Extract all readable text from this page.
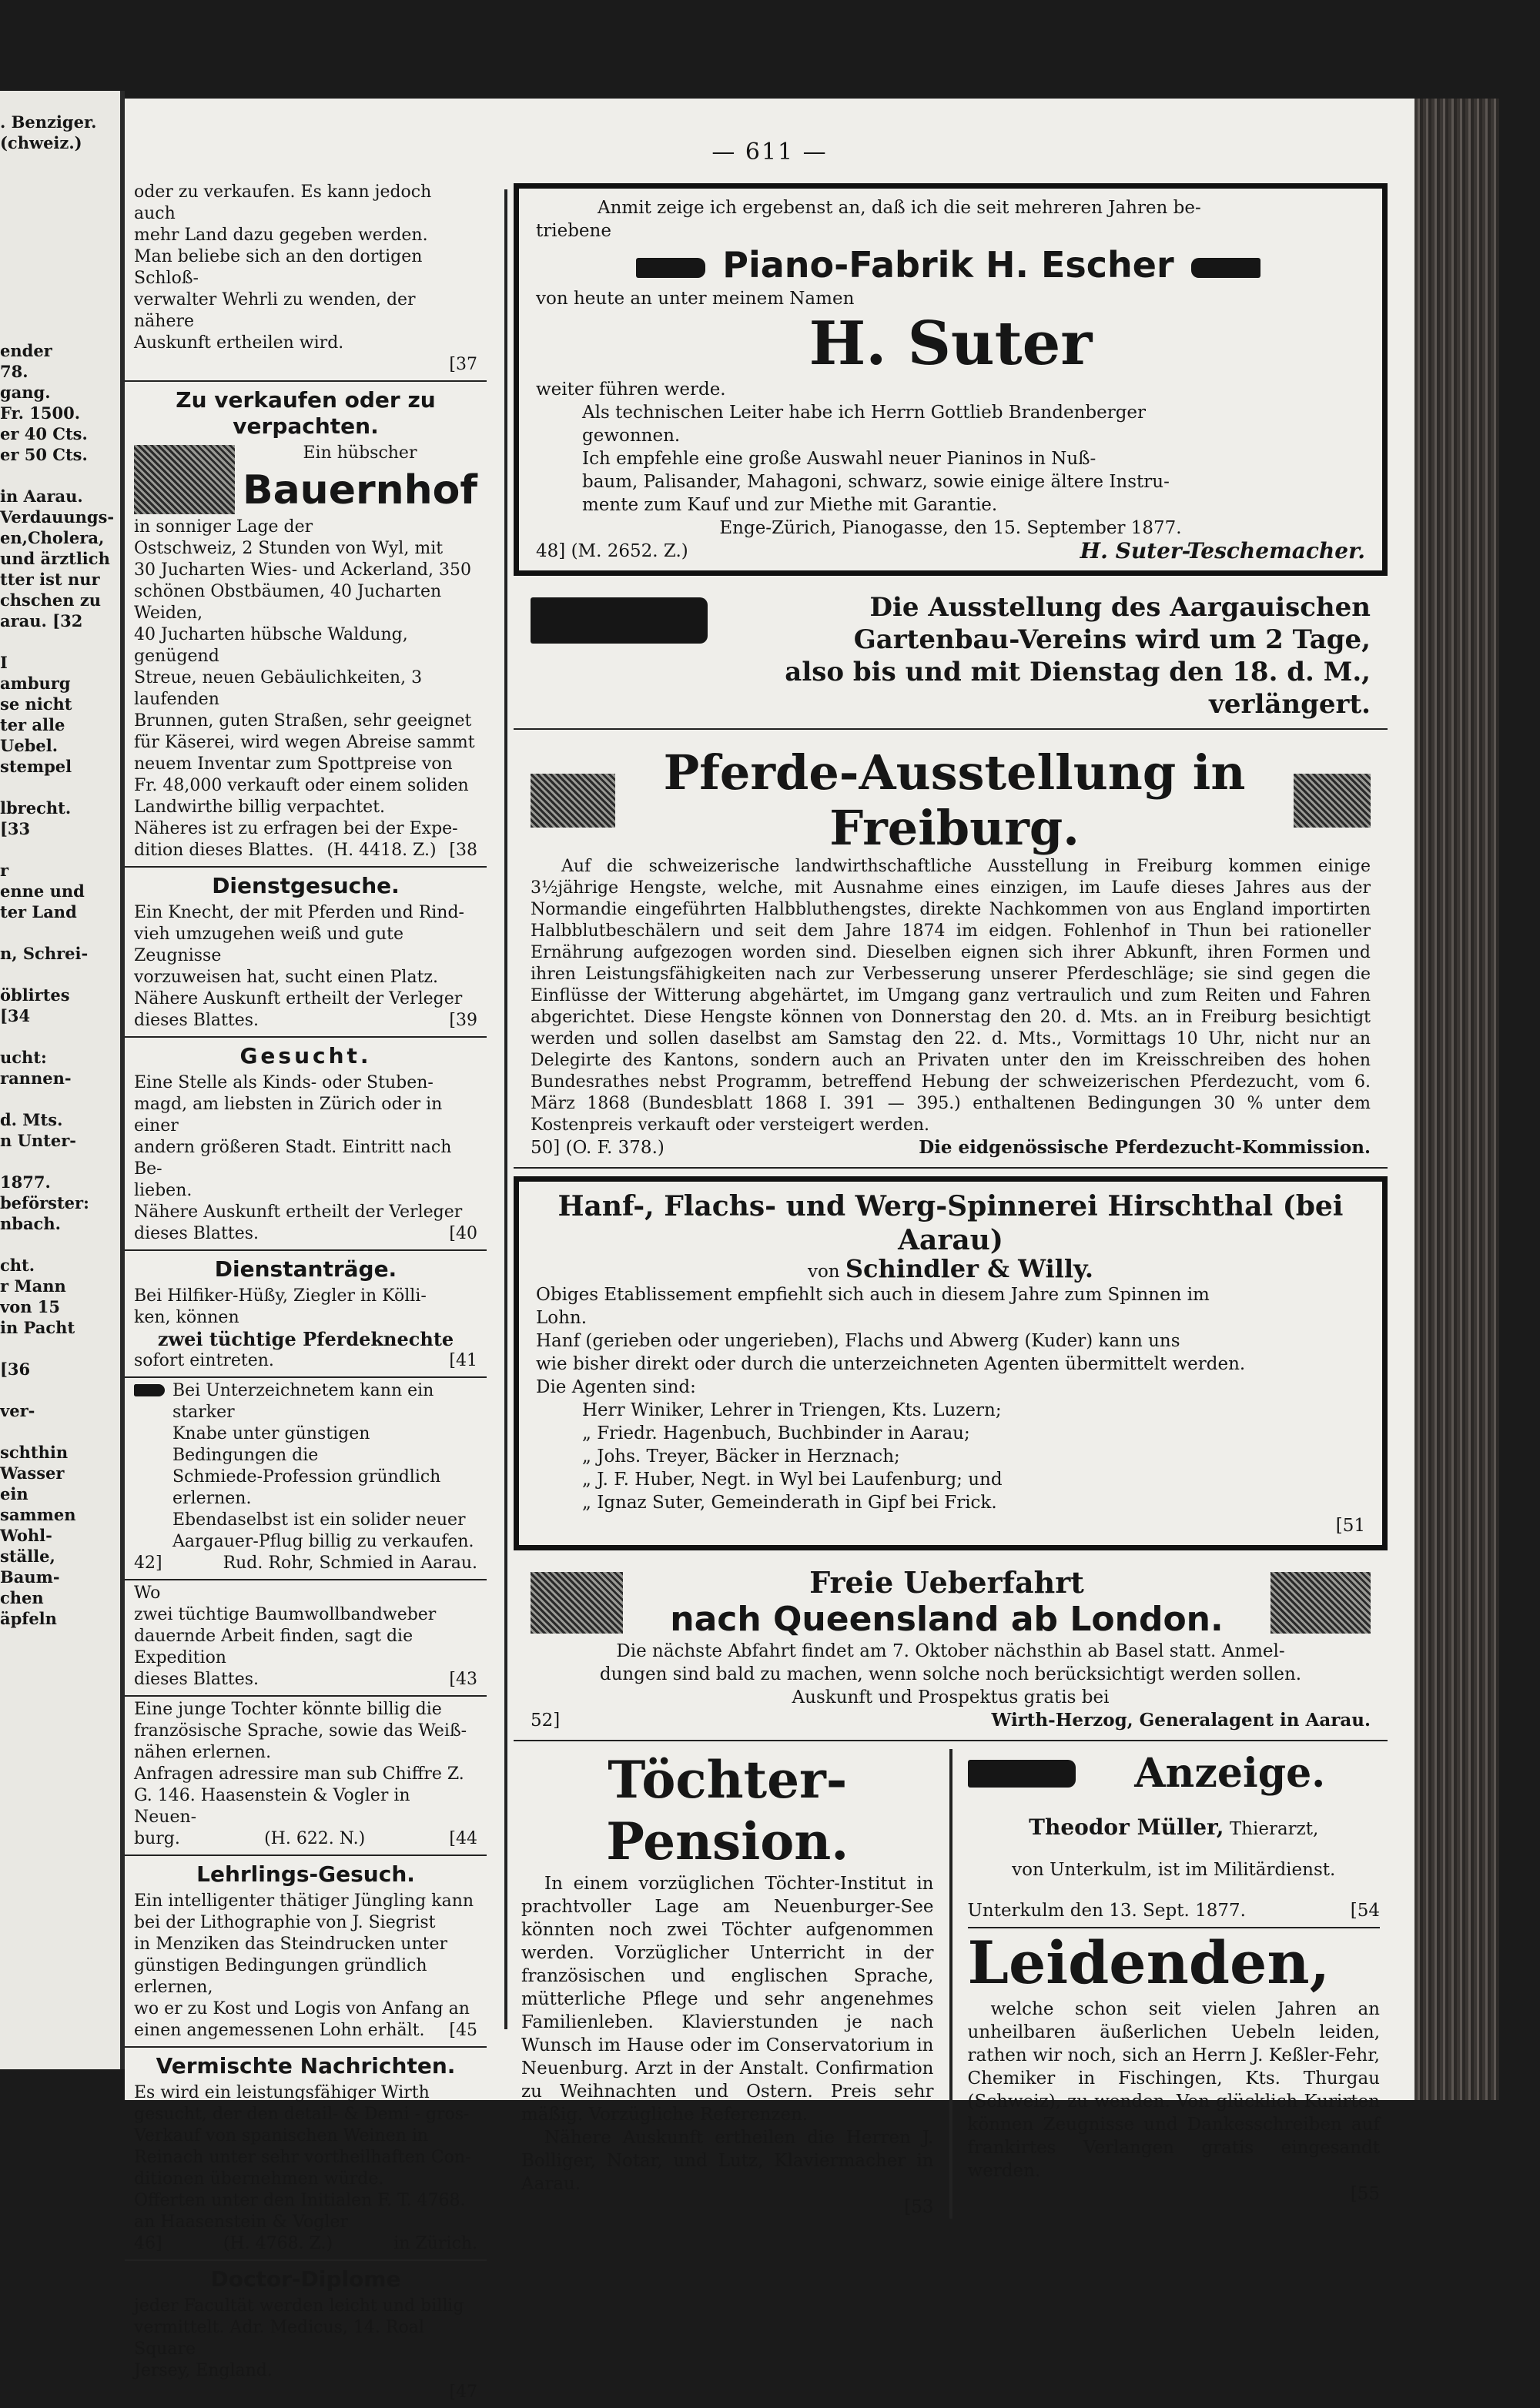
. Benziger.
(chweiz.)

ender
78.
gang.
Fr. 1500.
er 40 Cts.
er 50 Cts.

in Aarau.
Verdauungs-
en,Cholera,
und ärztlich
tter ist nur
chschen zu
arau. [32

I
amburg
se nicht
ter alle
Uebel.
stempel

lbrecht.
[33

r
enne und
ter Land

n, Schrei-

öblirtes
[34

ucht:
rannen-

d. Mts.
n Unter-

1877.
beförster:
nbach.

cht.
r Mann
von 15
in Pacht

[36

ver-

schthin
Wasser
ein
sammen
Wohl-
ställe,
Baum-
chen
äpfeln
— 611 —
oder zu verkaufen. Es kann jedoch auch
mehr Land dazu gegeben werden.
Man beliebe sich an den dortigen Schloß-
verwalter Wehrli zu wenden, der nähere
Auskunft ertheilen wird.
[37
Zu verkaufen oder zu verpachten.
Ein hübscher
Bauernhof
in sonniger Lage der
Ostschweiz, 2 Stunden von Wyl, mit
30 Jucharten Wies- und Ackerland, 350
schönen Obstbäumen, 40 Jucharten Weiden,
40 Jucharten hübsche Waldung, genügend
Streue, neuen Gebäulichkeiten, 3 laufenden
Brunnen, guten Straßen, sehr geeignet
für Käserei, wird wegen Abreise sammt
neuem Inventar zum Spottpreise von
Fr. 48,000 verkauft oder einem soliden
Landwirthe billig verpachtet.
Näheres ist zu erfragen bei der Expe-
dition dieses Blattes. (H. 4418. Z.) [38
Dienstgesuche.
Ein Knecht, der mit Pferden und Rind-
vieh umzugehen weiß und gute Zeugnisse
vorzuweisen hat, sucht einen Platz.
Nähere Auskunft ertheilt der Verleger
dieses Blattes.	[39
Gesucht.
Eine Stelle als Kinds- oder Stuben-
magd, am liebsten in Zürich oder in einer
andern größeren Stadt. Eintritt nach Be-
lieben.
Nähere Auskunft ertheilt der Verleger
dieses Blattes.	[40
Dienstanträge.
Bei Hilfiker-Hüßy, Ziegler in Kölli-
ken, können
zwei tüchtige Pferdeknechte
sofort eintreten.	[41
Bei Unterzeichnetem kann ein starker
Knabe unter günstigen Bedingungen die
Schmiede-Profession gründlich erlernen.
Ebendaselbst ist ein solider neuer
Aargauer-Pflug billig zu verkaufen.
42]	Rud. Rohr, Schmied in Aarau.
Wo
zwei tüchtige Baumwollbandweber
dauernde Arbeit finden, sagt die Expedition
dieses Blattes.	[43
Eine junge Tochter könnte billig die
französische Sprache, sowie das Weiß-
nähen erlernen.
Anfragen adressire man sub Chiffre Z.
G. 146. Haasenstein & Vogler in Neuen-
burg.	(H. 622. N.)	[44
Lehrlings-Gesuch.
Ein intelligenter thätiger Jüngling kann
bei der Lithographie von J. Siegrist
in Menziken das Steindrucken unter
günstigen Bedingungen gründlich erlernen,
wo er zu Kost und Logis von Anfang an
einen angemessenen Lohn erhält. [45
Vermischte Nachrichten.
Es wird ein leistungsfähiger Wirth
gesucht, der den detail- & Demi - gros-
Verkauf von spanischen Weinen in
Reinach unter sehr vortheilhaften Con-
ditionen übernehmen würde.
Offerten unter den Initialen F. T. 4768.
an Haasenstein & Vogler
46]	(H. 4768. Z.)	in Zürich.
Doctor-Diplome
jeder Facultät werden leicht und billig
vermittelt. Adr. Medicus, 14. Roal Square
Jersey, England.
[47

Anmit zeige ich ergebenst an, daß ich die seit mehreren Jahren be-

triebene

Piano-Fabrik H. Escher

von heute an unter meinem Namen

H. Suter

weiter führen werde.

Als technischen Leiter habe ich Herrn Gottlieb Brandenberger
gewonnen.
Ich empfehle eine große Auswahl neuer Pianinos in Nuß-
baum, Palisander, Mahagoni, schwarz, sowie einige ältere Instru-
mente zum Kauf und zur Miethe mit Garantie.

Enge-Zürich, Pianogasse, den 15. September 1877.

48] (M. 2652. Z.)	H. Suter-Teschemacher.
Die Ausstellung des Aargauischen
Gartenbau-Vereins wird um 2 Tage,
also bis und mit Dienstag den 18. d. M., verlängert.
Pferde-Ausstellung in Freiburg.

Auf die schweizerische landwirthschaftliche Ausstellung in Freiburg kommen einige 3½jährige Hengste, welche, mit Ausnahme eines einzigen, im Laufe dieses Jahres aus der Normandie eingeführten Halbbluthengstes, direkte Nachkommen von aus England importirten Halbblutbeschälern und seit dem Jahre 1874 im eidgen. Fohlenhof in Thun bei rationeller Ernährung aufgezogen worden sind. Dieselben eignen sich ihrer Abkunft, ihren Formen und ihren Leistungsfähigkeiten nach zur Verbesserung unserer Pferdeschläge; sie sind gegen die Einflüsse der Witterung abgehärtet, im Umgang ganz vertraulich und zum Reiten und Fahren abgerichtet. Diese Hengste können von Donnerstag den 20. d. Mts. an in Freiburg besichtigt werden und sollen daselbst am Samstag den 22. d. Mts., Vormittags 10 Uhr, nicht nur an Delegirte des Kantons, sondern auch an Privaten unter den im Kreisschreiben des hohen Bundesrathes nebst Programm, betreffend Hebung der schweizerischen Pferdezucht, vom 6. März 1868 (Bundesblatt 1868 I. 391 — 395.) enthaltenen Bedingungen 30 % unter dem Kostenpreis verkauft oder versteigert werden.

50] (O. F. 378.)	Die eidgenössische Pferdezucht-Kommission.
Hanf-, Flachs- und Werg-Spinnerei Hirschthal (bei Aarau)

von Schindler & Willy.

Obiges Etablissement empfiehlt sich auch in diesem Jahre zum Spinnen im
Lohn.
Hanf (gerieben oder ungerieben), Flachs und Abwerg (Kuder) kann uns
wie bisher direkt oder durch die unterzeichneten Agenten übermittelt werden.
Die Agenten sind:
Herr Winiker, Lehrer in Triengen, Kts. Luzern;
„ Friedr. Hagenbuch, Buchbinder in Aarau;
„ Johs. Treyer, Bäcker in Herznach;
„ J. F. Huber, Negt. in Wyl bei Laufenburg; und
„ Ignaz Suter, Gemeinderath in Gipf bei Frick.
[51
Freie Ueberfahrt
nach Queensland ab London.
Die nächste Abfahrt findet am 7. Oktober nächsthin ab Basel statt. Anmel-
dungen sind bald zu machen, wenn solche noch berücksichtigt werden sollen.
Auskunft und Prospektus gratis bei
52]	Wirth-Herzog, Generalagent in Aarau.
Töchter-Pension.

In einem vorzüglichen Töchter-Institut in prachtvoller Lage am Neuenburger-See könnten noch zwei Töchter aufgenommen werden. Vorzüglicher Unterricht in der französischen und englischen Sprache, mütterliche Pflege und sehr angenehmes Familienleben. Klavierstunden je nach Wunsch im Hause oder im Conservatorium in Neuenburg. Arzt in der Anstalt. Confirmation zu Weihnachten und Ostern. Preis sehr mäßig. Vorzügliche Referenzen.

Nähere Auskunft ertheilen die Herren J. Bolliger, Notar, und Lutz, Klaviermacher in Aarau.

[53
Anzeige.

Theodor Müller, Thierarzt,

von Unterkulm, ist im Militärdienst.

Unterkulm den 13. Sept. 1877.	[54
Leidenden,

welche schon seit vielen Jahren an unheilbaren äußerlichen Uebeln leiden, rathen wir noch, sich an Herrn J. Keßler-Fehr, Chemiker in Fischingen, Kts. Thurgau (Schweiz), zu wenden. Von glücklich Kurirten können Zeugnisse und Dankesschreiben auf frankirtes Verlangen gratis eingesandt werden.

[55
